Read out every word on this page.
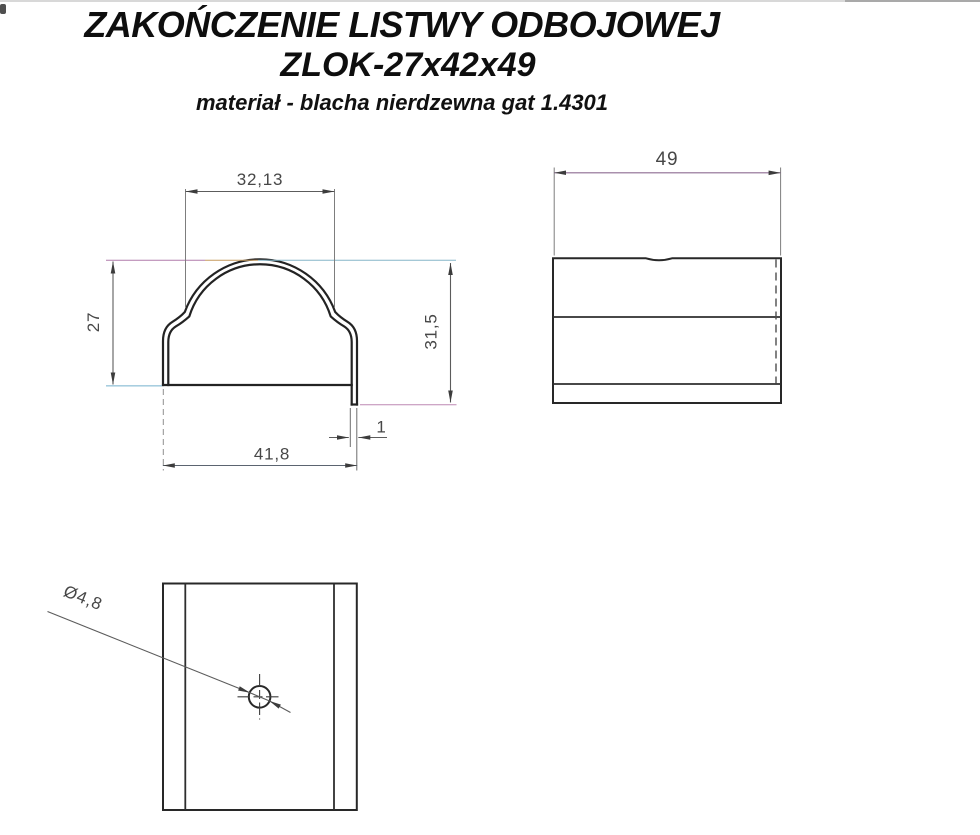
ZAKOŃCZENIE LISTWY ODBOJOWEJ
ZLOK-27x42x49
materiał - blacha nierdzewna gat 1.4301
32,13
27	31,5
41,8
1
49
Ø4,8
